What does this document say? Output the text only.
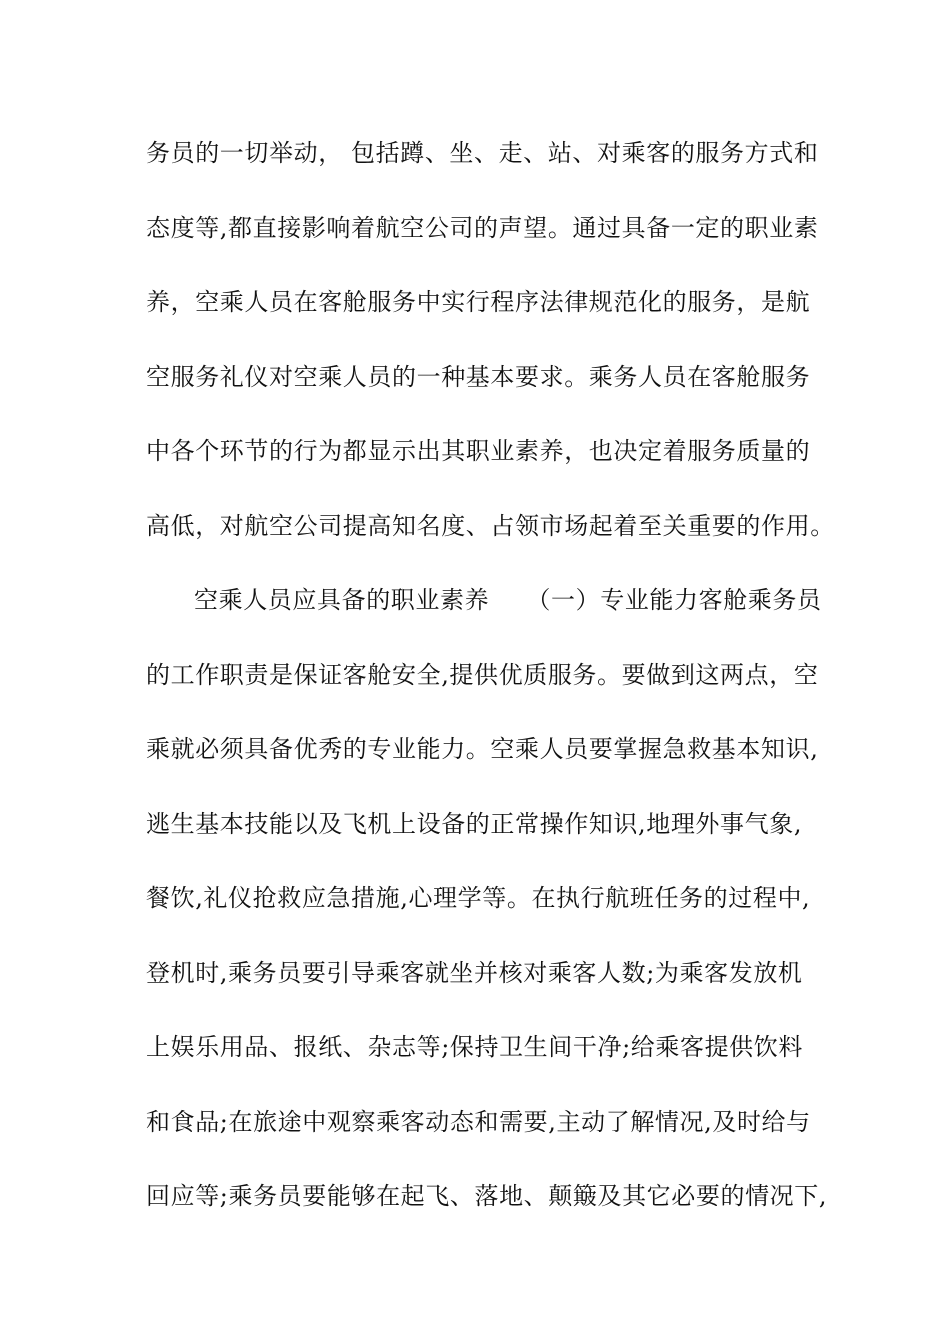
务员的一切举动， 包括蹲、坐、走、站、对乘客的服务方式和
态度等,都直接影响着航空公司的声望。通过具备一定的职业素
养，空乘人员在客舱服务中实行程序法律规范化的服务，是航
空服务礼仪对空乘人员的一种基本要求。乘务人员在客舱服务
中各个环节的行为都显示出其职业素养，也决定着服务质量的
高低，对航空公司提高知名度、占领市场起着至关重要的作用。
空乘人员应具备的职业素养　　（一）专业能力客舱乘务员
的工作职责是保证客舱安全,提供优质服务。要做到这两点，空
乘就必须具备优秀的专业能力。空乘人员要掌握急救基本知识,
逃生基本技能以及飞机上设备的正常操作知识,地理外事气象,
餐饮,礼仪抢救应急措施,心理学等。在执行航班任务的过程中,
登机时,乘务员要引导乘客就坐并核对乘客人数;为乘客发放机
上娱乐用品、报纸、杂志等;保持卫生间干净;给乘客提供饮料
和食品;在旅途中观察乘客动态和需要,主动了解情况,及时给与
回应等;乘务员要能够在起飞、落地、颠簸及其它必要的情况下,
